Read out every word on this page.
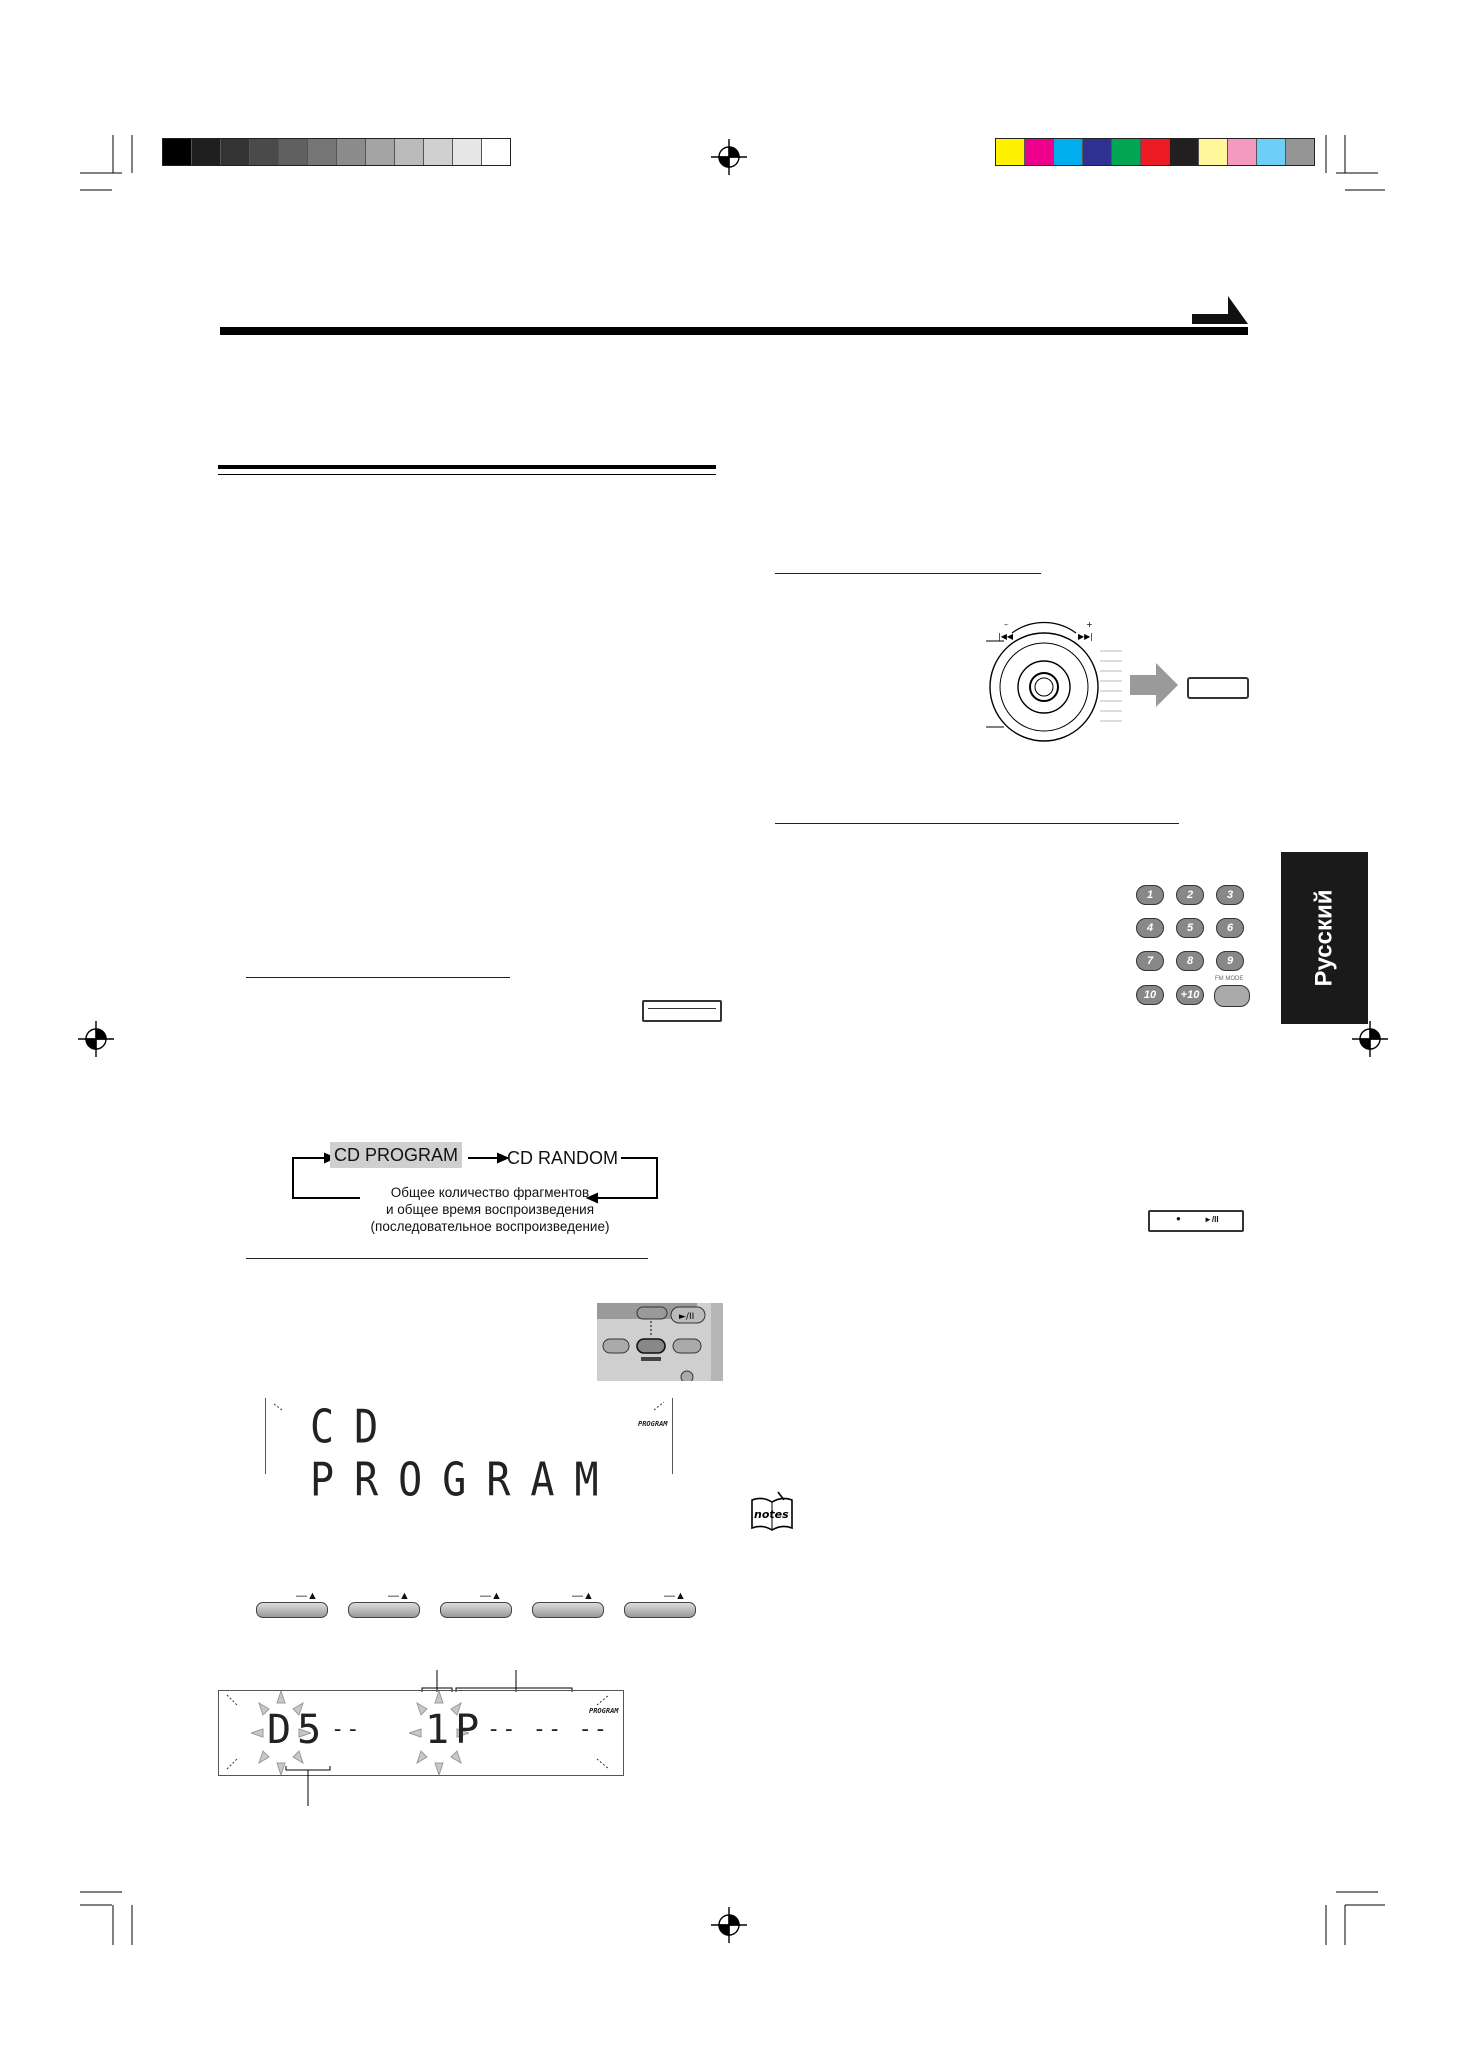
Русский
CD PROGRAM	CD RANDOM
Общее количество фрагментов
и общее время воспроизведения
(последовательное воспроизведение)
►/II
CD PROGRAM
PROGRAM
—▲	—▲	—▲	—▲	—▲
D5 -- 1P -- -- --
PROGRAM
–	+
|◀◀	▶▶|
1	2	3
4	5	6
7	8	9
10	+10
FM MODE
●	►/II
notes
